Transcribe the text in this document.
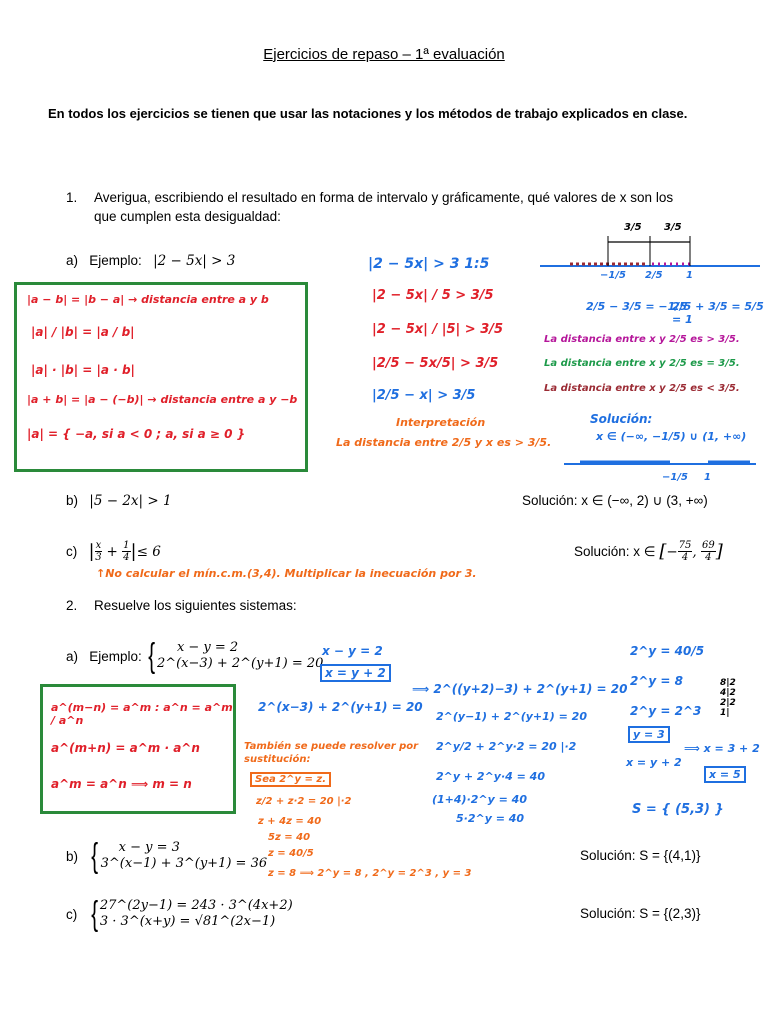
Ejercicios de repaso – 1ª evaluación
En todos los ejercicios se tienen que usar las notaciones y los métodos de trabajo explicados en clase.
1. Averigua, escribiendo el resultado en forma de intervalo y gráficamente, qué valores de x son los
que cumplen esta desigualdad:
a) Ejemplo: |2 − 5x| > 3
|a − b| = |b − a| → distancia entre a y b
|a| / |b| = |a / b|
|a| · |b| = |a · b|
|a + b| = |a − (−b)| → distancia entre a y −b
|a| = { −a, si a < 0 ; a, si a ≥ 0 }
|2 − 5x| > 3 1:5
|2 − 5x| / 5 > 3/5
|2 − 5x| / |5| > 3/5
|2/5 − 5x/5| > 3/5
|2/5 − x| > 3/5
Interpretación
La distancia entre 2/5 y x es > 3/5.
3/5 3/5
−1/5 2/5 1
2/5 − 3/5 = −1/5
2/5 + 3/5 = 5/5 = 1
La distancia entre x y 2/5 es > 3/5.
La distancia entre x y 2/5 es = 3/5.
La distancia entre x y 2/5 es < 3/5.
Solución:
x ∈ (−∞, −1/5) ∪ (1, +∞)
−1/5 1
b) |5 − 2x| > 1	Solución: x ∈ (−∞, 2) ∪ (3, +∞)
c)
| $\frac{x}{3} + \frac{1}{4}$ | ≤ 6	Solución: x ∈
[ − $\frac{75}{4}$ , $\frac{69}{4}$ ]
↑No calcular el mín.c.m.(3,4). Multiplicar la inecuación por 3.
2. Resuelve los siguientes sistemas:
a)
Ejemplo:
{	x − y = 2
2^(x−3) + 2^(y+1) = 20
a^(m−n) = a^m : a^n = a^m / a^n
a^(m+n) = a^m · a^n
a^m = a^n ⟹ m = n
x − y = 2
x = y + 2
2^(x−3) + 2^(y+1) = 20
⟹ 2^((y+2)−3) + 2^(y+1) = 20
2^(y−1) + 2^(y+1) = 20
2^y/2 + 2^y·2 = 20 |·2
2^y + 2^y·4 = 40
(1+4)·2^y = 40
5·2^y = 40
También se puede resolver por sustitución:
Sea 2^y = z.
z/2 + z·2 = 20 |·2
z + 4z = 40
5z = 40
z = 40/5
z = 8 ⟹ 2^y = 8 , 2^y = 2^3 , y = 3
2^y = 40/5
2^y = 8
2^y = 2^3
y = 3
x = y + 2
⟹ x = 3 + 2
x = 5
S = { (5,3) }
8|2
4|2
2|2
1|
b)
{	x − y = 3
3^(x−1) + 3^(y+1) = 36
Solución: S = {(4,1)}
c)
{ 27^(2y−1) = 243 · 3^(4x+2)
3 · 3^(x+y) = √81^(2x−1)
Solución: S = {(2,3)}
